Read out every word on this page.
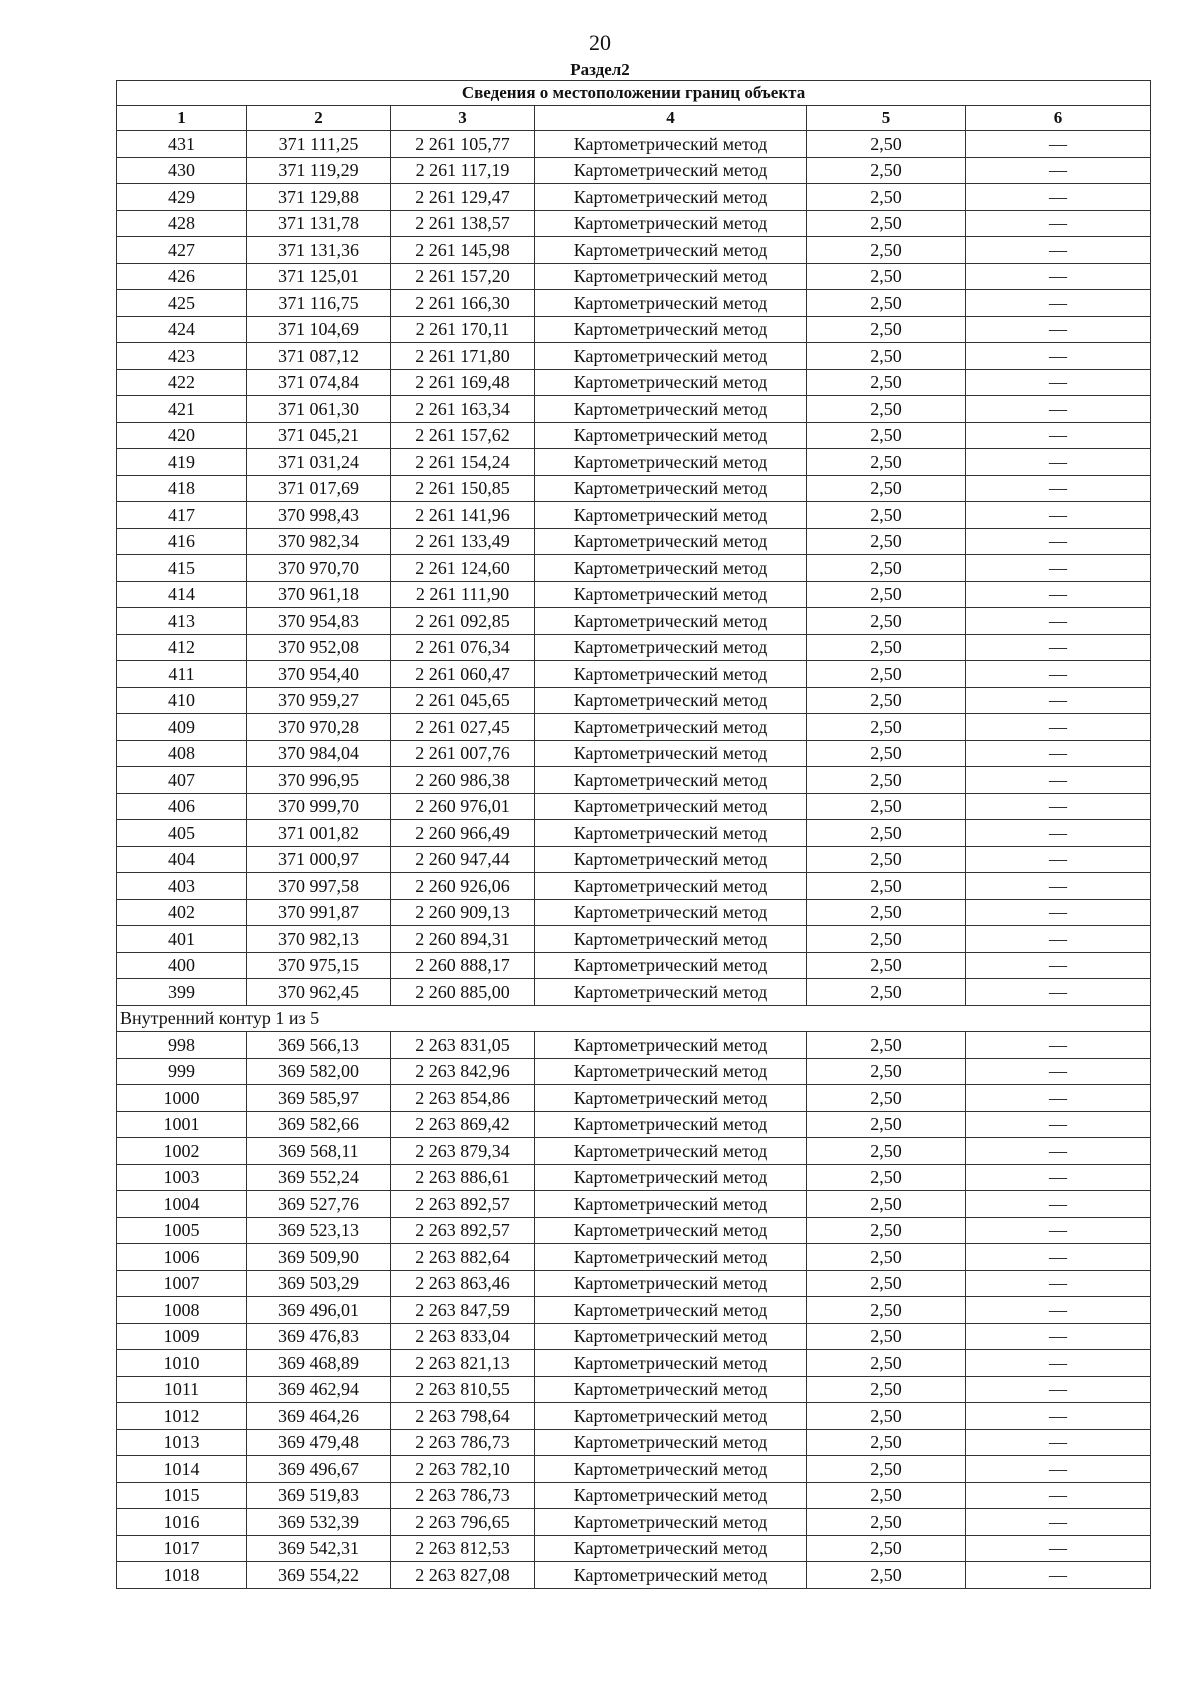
20
Раздел2
Сведения о местоположении границ объекта					
1	2	3	4	5	6
431	371 111,25	2 261 105,77	Картометрический метод	2,50	—
430	371 119,29	2 261 117,19	Картометрический метод	2,50	—
429	371 129,88	2 261 129,47	Картометрический метод	2,50	—
428	371 131,78	2 261 138,57	Картометрический метод	2,50	—
427	371 131,36	2 261 145,98	Картометрический метод	2,50	—
426	371 125,01	2 261 157,20	Картометрический метод	2,50	—
425	371 116,75	2 261 166,30	Картометрический метод	2,50	—
424	371 104,69	2 261 170,11	Картометрический метод	2,50	—
423	371 087,12	2 261 171,80	Картометрический метод	2,50	—
422	371 074,84	2 261 169,48	Картометрический метод	2,50	—
421	371 061,30	2 261 163,34	Картометрический метод	2,50	—
420	371 045,21	2 261 157,62	Картометрический метод	2,50	—
419	371 031,24	2 261 154,24	Картометрический метод	2,50	—
418	371 017,69	2 261 150,85	Картометрический метод	2,50	—
417	370 998,43	2 261 141,96	Картометрический метод	2,50	—
416	370 982,34	2 261 133,49	Картометрический метод	2,50	—
415	370 970,70	2 261 124,60	Картометрический метод	2,50	—
414	370 961,18	2 261 111,90	Картометрический метод	2,50	—
413	370 954,83	2 261 092,85	Картометрический метод	2,50	—
412	370 952,08	2 261 076,34	Картометрический метод	2,50	—
411	370 954,40	2 261 060,47	Картометрический метод	2,50	—
410	370 959,27	2 261 045,65	Картометрический метод	2,50	—
409	370 970,28	2 261 027,45	Картометрический метод	2,50	—
408	370 984,04	2 261 007,76	Картометрический метод	2,50	—
407	370 996,95	2 260 986,38	Картометрический метод	2,50	—
406	370 999,70	2 260 976,01	Картометрический метод	2,50	—
405	371 001,82	2 260 966,49	Картометрический метод	2,50	—
404	371 000,97	2 260 947,44	Картометрический метод	2,50	—
403	370 997,58	2 260 926,06	Картометрический метод	2,50	—
402	370 991,87	2 260 909,13	Картометрический метод	2,50	—
401	370 982,13	2 260 894,31	Картометрический метод	2,50	—
400	370 975,15	2 260 888,17	Картометрический метод	2,50	—
399	370 962,45	2 260 885,00	Картометрический метод	2,50	—
Внутренний контур 1 из 5					
998	369 566,13	2 263 831,05	Картометрический метод	2,50	—
999	369 582,00	2 263 842,96	Картометрический метод	2,50	—
1000	369 585,97	2 263 854,86	Картометрический метод	2,50	—
1001	369 582,66	2 263 869,42	Картометрический метод	2,50	—
1002	369 568,11	2 263 879,34	Картометрический метод	2,50	—
1003	369 552,24	2 263 886,61	Картометрический метод	2,50	—
1004	369 527,76	2 263 892,57	Картометрический метод	2,50	—
1005	369 523,13	2 263 892,57	Картометрический метод	2,50	—
1006	369 509,90	2 263 882,64	Картометрический метод	2,50	—
1007	369 503,29	2 263 863,46	Картометрический метод	2,50	—
1008	369 496,01	2 263 847,59	Картометрический метод	2,50	—
1009	369 476,83	2 263 833,04	Картометрический метод	2,50	—
1010	369 468,89	2 263 821,13	Картометрический метод	2,50	—
1011	369 462,94	2 263 810,55	Картометрический метод	2,50	—
1012	369 464,26	2 263 798,64	Картометрический метод	2,50	—
1013	369 479,48	2 263 786,73	Картометрический метод	2,50	—
1014	369 496,67	2 263 782,10	Картометрический метод	2,50	—
1015	369 519,83	2 263 786,73	Картометрический метод	2,50	—
1016	369 532,39	2 263 796,65	Картометрический метод	2,50	—
1017	369 542,31	2 263 812,53	Картометрический метод	2,50	—
1018	369 554,22	2 263 827,08	Картометрический метод	2,50	—
